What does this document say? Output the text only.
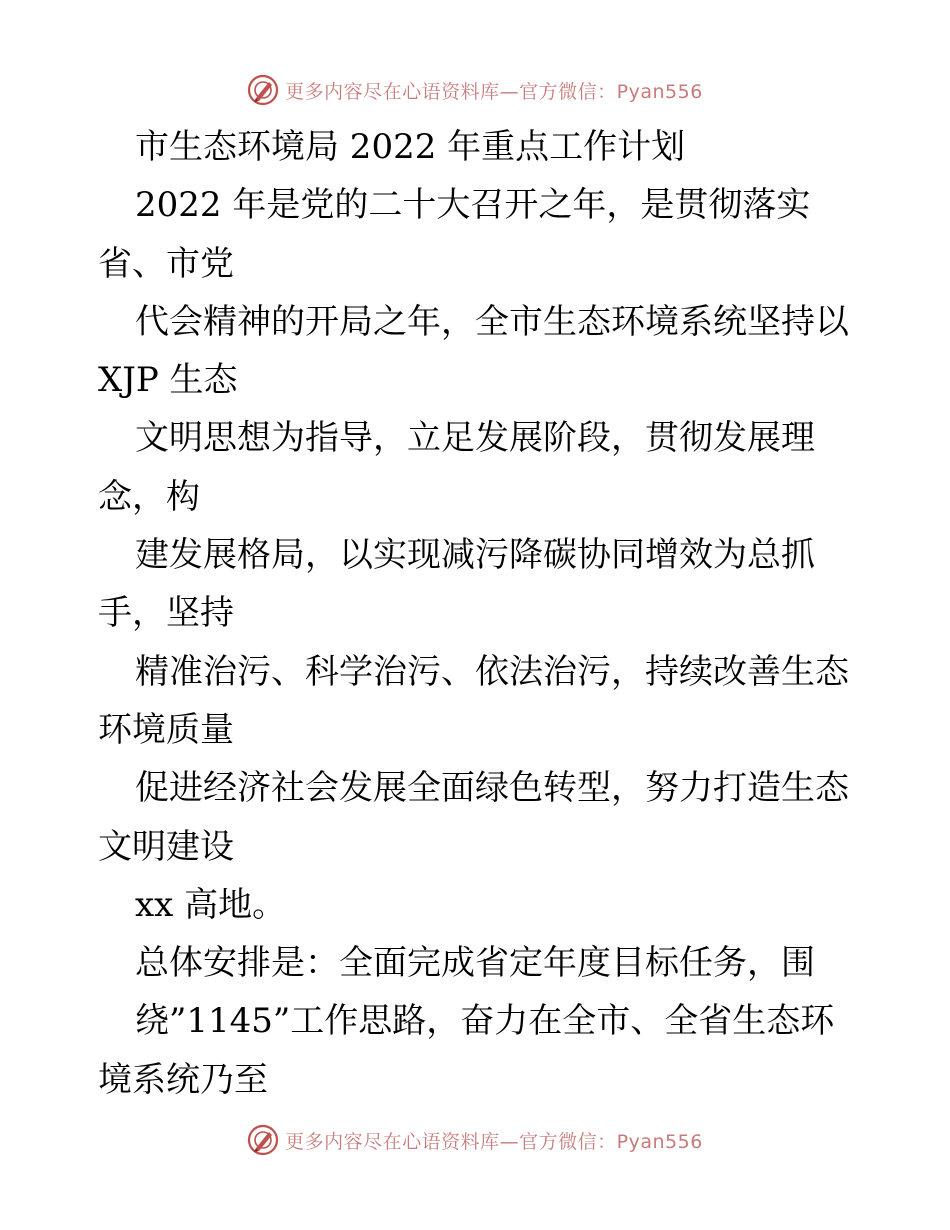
更多内容尽在心语资料库—官方微信：Pyan556
市生态环境局 2022 年重点工作计划
2022 年是党的二十大召开之年，是贯彻落实
省、市党
代会精神的开局之年，全市生态环境系统坚持以
XJP 生态
文明思想为指导，立足发展阶段，贯彻发展理
念，构
建发展格局，以实现减污降碳协同增效为总抓
手，坚持
精准治污、科学治污、依法治污，持续改善生态
环境质量
促进经济社会发展全面绿色转型，努力打造生态
文明建设
xx 高地。
总体安排是：全面完成省定年度目标任务，围
绕”1145”工作思路，奋力在全市、全省生态环
境系统乃至
更多内容尽在心语资料库—官方微信：Pyan556
